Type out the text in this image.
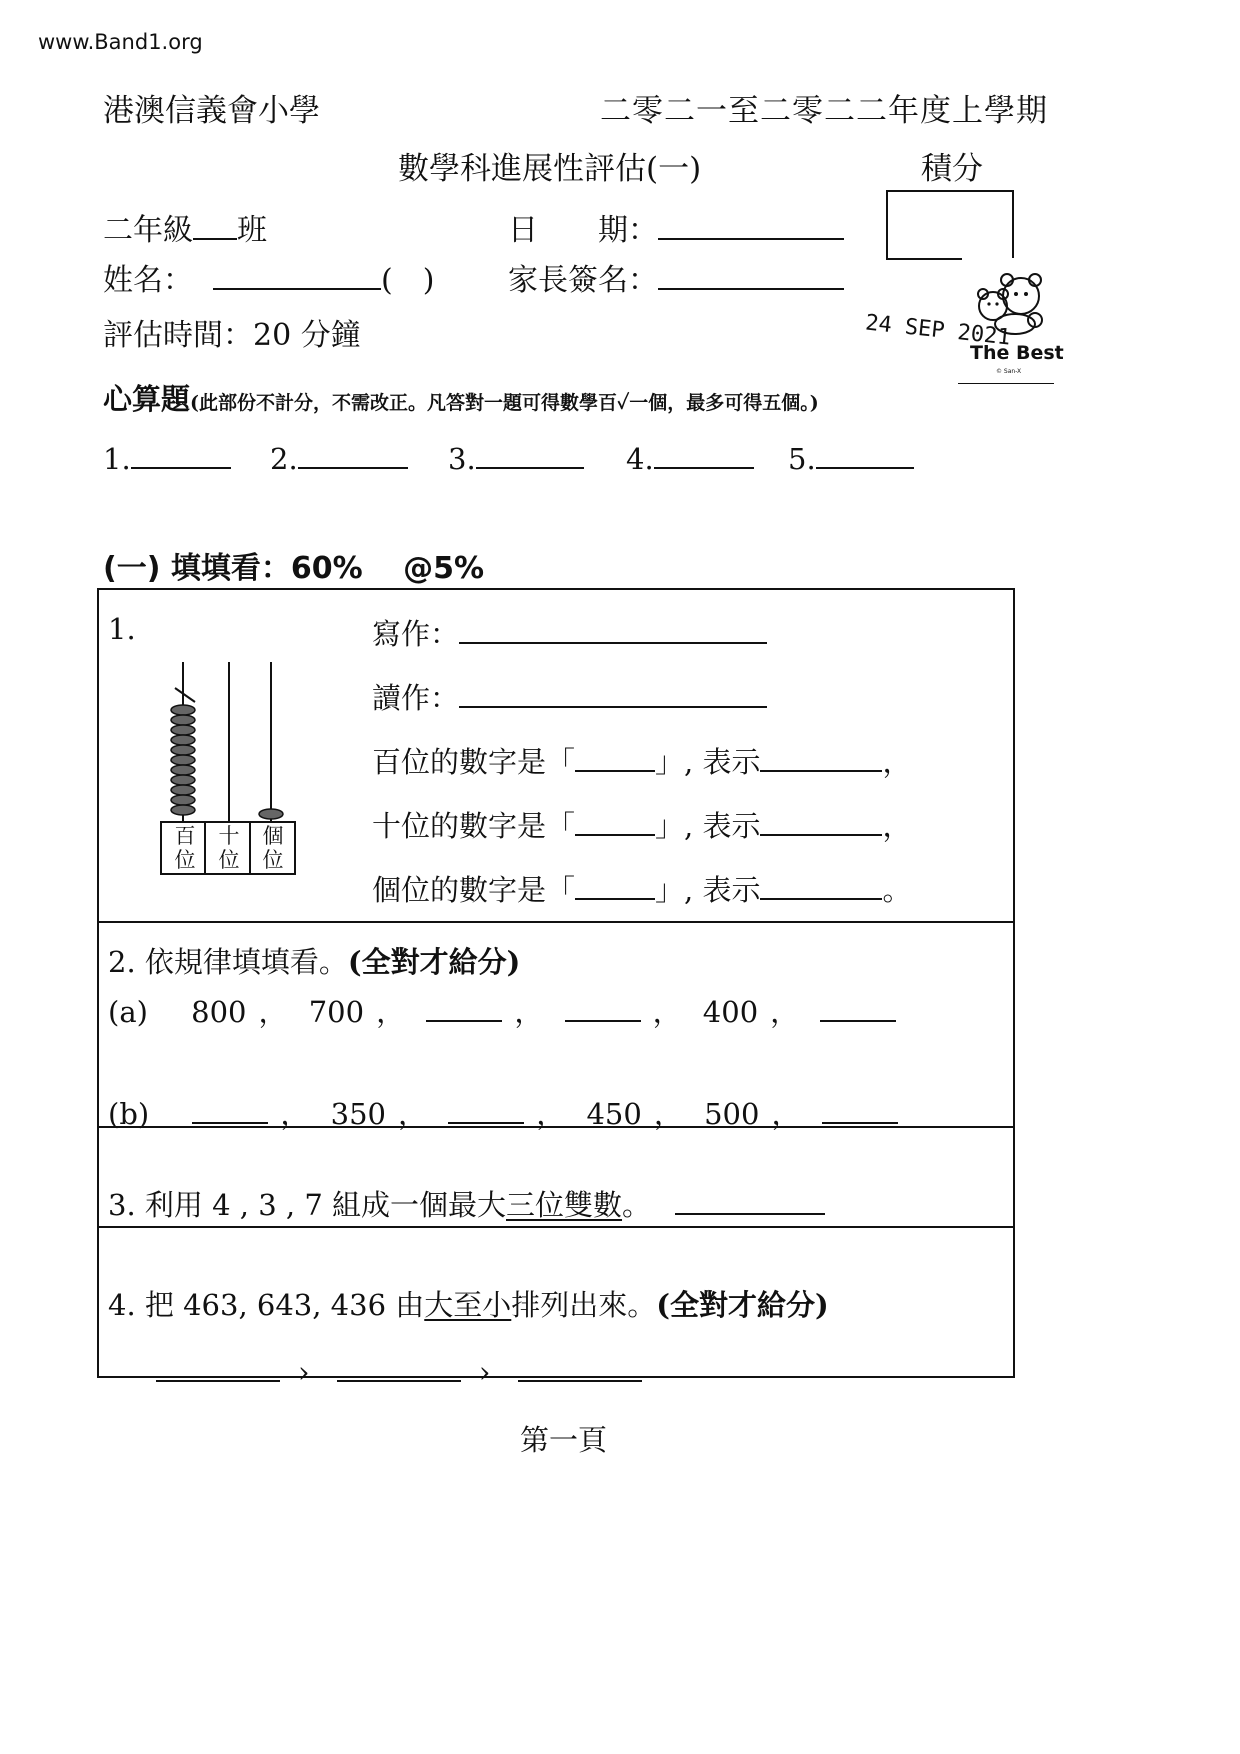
www.Band1.org
港澳信義會小學	二零二一至二零二二年度上學期
數學科進展性評估(一)	積分
二年級 班	日　　期：
姓名：	(　) 家長簽名：
評估時間：20 分鐘	24 SEP 2021
The Best
© San-X
心算題(此部份不計分，不需改正。凡答對一題可得數學百✓一個，最多可得五個。)
1.	2.	3.	4.	5.
(一) 填填看：60%　 @5%
1.
百
位
十
位
個
位
寫作：
讀作：
百位的數字是「	」, 表示	，
十位的數字是「	」, 表示	，
個位的數字是「	」, 表示	。
2. 依規律填填看。(全對才給分)
(a) 800 ， 700 ，	，	， 400 ，
(b)	， 350 ，	， 450 ， 500 ，
3. 利用 4 , 3 , 7 組成一個最大三位雙數。
4. 把 463, 643, 436 由大至小排列出來。(全對才給分)
›	›
第一頁
